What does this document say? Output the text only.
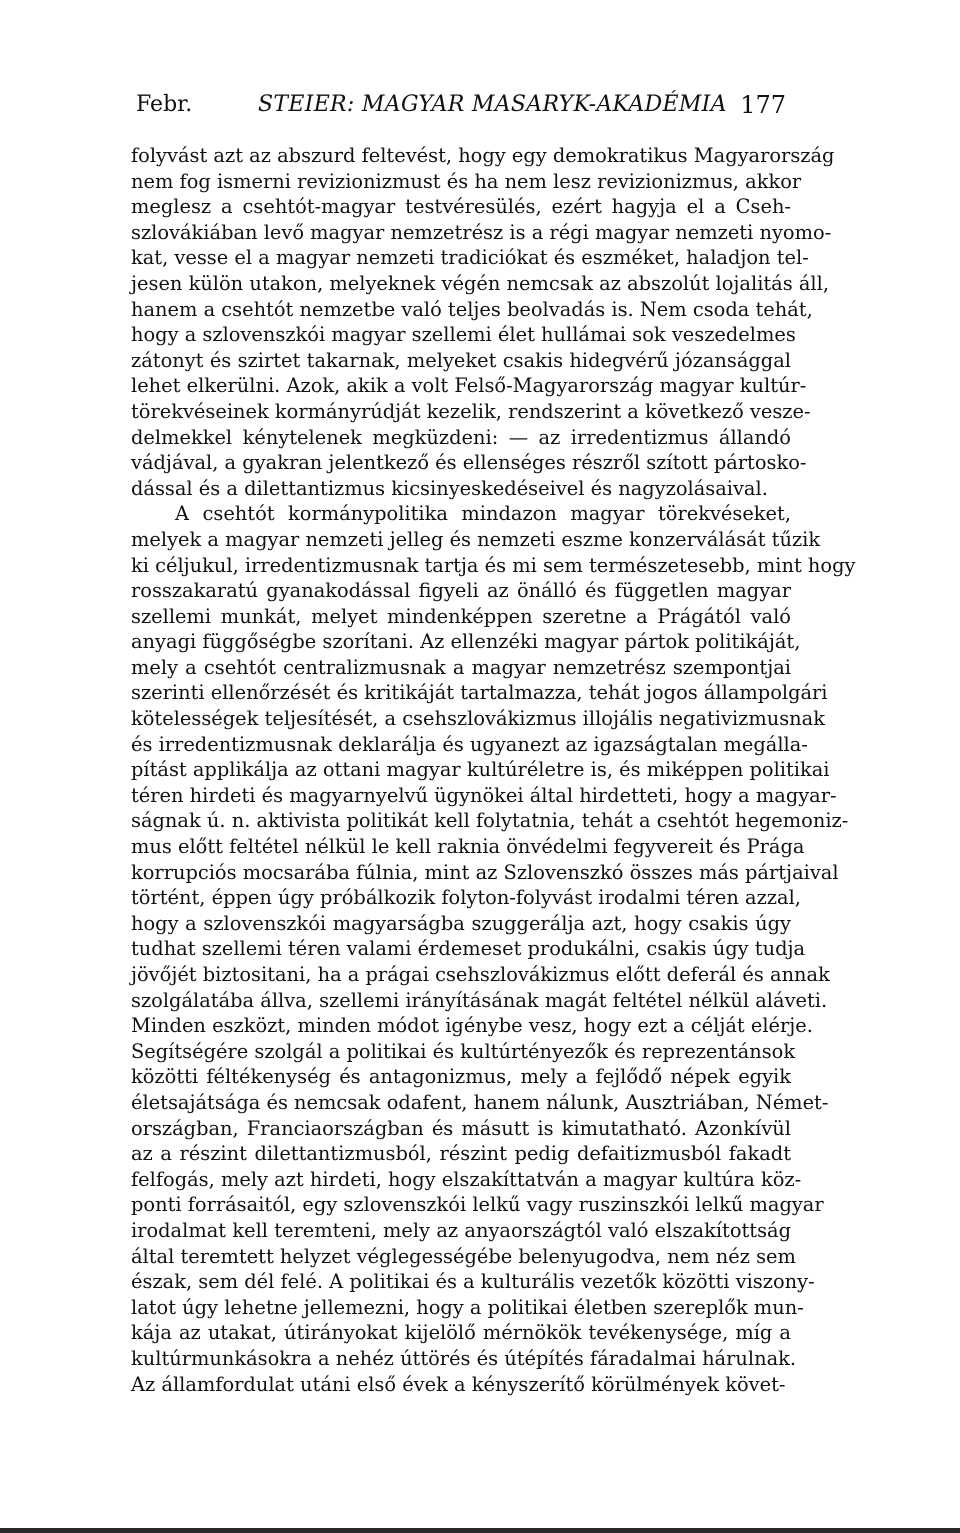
Febr.	STEIER: MAGYAR MASARYK-AKADÉMIA 177
folyvást azt az abszurd feltevést, hogy egy demokratikus Magyarország
nem fog ismerni revizionizmust és ha nem lesz revizionizmus, akkor
meglesz a csehtót-magyar testvéresülés, ezért hagyja el a Cseh-
szlovákiában levő magyar nemzetrész is a régi magyar nemzeti nyomo-
kat, vesse el a magyar nemzeti tradiciókat és eszméket, haladjon tel-
jesen külön utakon, melyeknek végén nemcsak az abszolút lojalitás áll,
hanem a csehtót nemzetbe való teljes beolvadás is. Nem csoda tehát,
hogy a szlovenszkói magyar szellemi élet hullámai sok veszedelmes
zátonyt és szirtet takarnak, melyeket csakis hidegvérű józansággal
lehet elkerülni. Azok, akik a volt Felső-Magyarország magyar kultúr-
törekvéseinek kormányrúdját kezelik, rendszerint a következő vesze-
delmekkel kénytelenek megküzdeni: — az irredentizmus állandó
vádjával, a gyakran jelentkező és ellenséges részről szított pártosko-
dással és a dilettantizmus kicsinyeskedéseivel és nagyzolásaival.
A csehtót kormánypolitika mindazon magyar törekvéseket,
melyek a magyar nemzeti jelleg és nemzeti eszme konzerválását tűzik
ki céljukul, irredentizmusnak tartja és mi sem természetesebb, mint hogy
rosszakaratú gyanakodással figyeli az önálló és független magyar
szellemi munkát, melyet mindenképpen szeretne a Prágától való
anyagi függőségbe szorítani. Az ellenzéki magyar pártok politikáját,
mely a csehtót centralizmusnak a magyar nemzetrész szempontjai
szerinti ellenőrzését és kritikáját tartalmazza, tehát jogos állampolgári
kötelességek teljesítését, a csehszlovákizmus illojális negativizmusnak
és irredentizmusnak deklarálja és ugyanezt az igazságtalan megálla-
pítást applikálja az ottani magyar kultúréletre is, és miképpen politikai
téren hirdeti és magyarnyelvű ügynökei által hirdetteti, hogy a magyar-
ságnak ú. n. aktivista politikát kell folytatnia, tehát a csehtót hegemoniz-
mus előtt feltétel nélkül le kell raknia önvédelmi fegyvereit és Prága
korrupciós mocsarába fúlnia, mint az Szlovenszkó összes más pártjaival
történt, éppen úgy próbálkozik folyton-folyvást irodalmi téren azzal,
hogy a szlovenszkói magyarságba szuggerálja azt, hogy csakis úgy
tudhat szellemi téren valami érdemeset produkálni, csakis úgy tudja
jövőjét biztositani, ha a prágai csehszlovákizmus előtt deferál és annak
szolgálatába állva, szellemi irányításának magát feltétel nélkül aláveti.
Minden eszközt, minden módot igénybe vesz, hogy ezt a célját elérje.
Segítségére szolgál a politikai és kultúrtényezők és reprezentánsok
közötti féltékenység és antagonizmus, mely a fejlődő népek egyik
életsajátsága és nemcsak odafent, hanem nálunk, Ausztriában, Német-
országban, Franciaországban és másutt is kimutatható. Azonkívül
az a részint dilettantizmusból, részint pedig defaitizmusból fakadt
felfogás, mely azt hirdeti, hogy elszakíttatván a magyar kultúra köz-
ponti forrásaitól, egy szlovenszkói lelkű vagy ruszinszkói lelkű magyar
irodalmat kell teremteni, mely az anyaországtól való elszakítottság
által teremtett helyzet véglegességébe belenyugodva, nem néz sem
észak, sem dél felé. A politikai és a kulturális vezetők közötti viszony-
latot úgy lehetne jellemezni, hogy a politikai életben szereplők mun-
kája az utakat, útirányokat kijelölő mérnökök tevékenysége, míg a
kultúrmunkásokra a nehéz úttörés és útépítés fáradalmai hárulnak.
Az államfordulat utáni első évek a kényszerítő körülmények követ-
